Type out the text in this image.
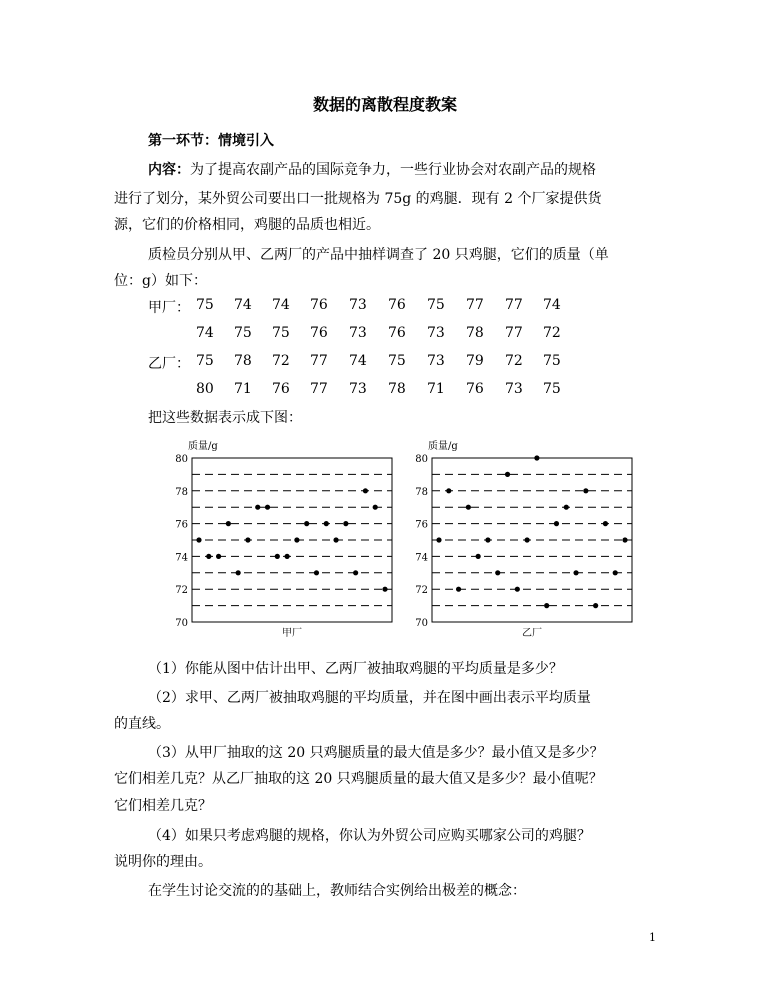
数据的离散程度教案
第一环节：情境引入
内容：为了提高农副产品的国际竞争力，一些行业协会对农副产品的规格
进行了划分，某外贸公司要出口一批规格为 75g 的鸡腿．现有 2 个厂家提供货
源，它们的价格相同，鸡腿的品质也相近。
质检员分别从甲、乙两厂的产品中抽样调查了 20 只鸡腿，它们的质量（单
位：g）如下：
甲厂： 75	74	74	76	73	76	75	77	77	74
74	75	75	76	73	76	73	78	77	72
乙厂： 75	78	72	77	74	75	73	79	72	75
80	71	76	77	73	78	71	76	73	75
把这些数据表示成下图：
70
72
74
76
78
80
质量/g
甲厂
70
72
74
76
78
80
质量/g
乙厂
（1）你能从图中估计出甲、乙两厂被抽取鸡腿的平均质量是多少？
（2）求甲、乙两厂被抽取鸡腿的平均质量，并在图中画出表示平均质量
的直线。
（3）从甲厂抽取的这 20 只鸡腿质量的最大值是多少？最小值又是多少？
它们相差几克？从乙厂抽取的这 20 只鸡腿质量的最大值又是多少？最小值呢？
它们相差几克？
（4）如果只考虑鸡腿的规格，你认为外贸公司应购买哪家公司的鸡腿？
说明你的理由。
在学生讨论交流的的基础上，教师结合实例给出极差的概念：
1
